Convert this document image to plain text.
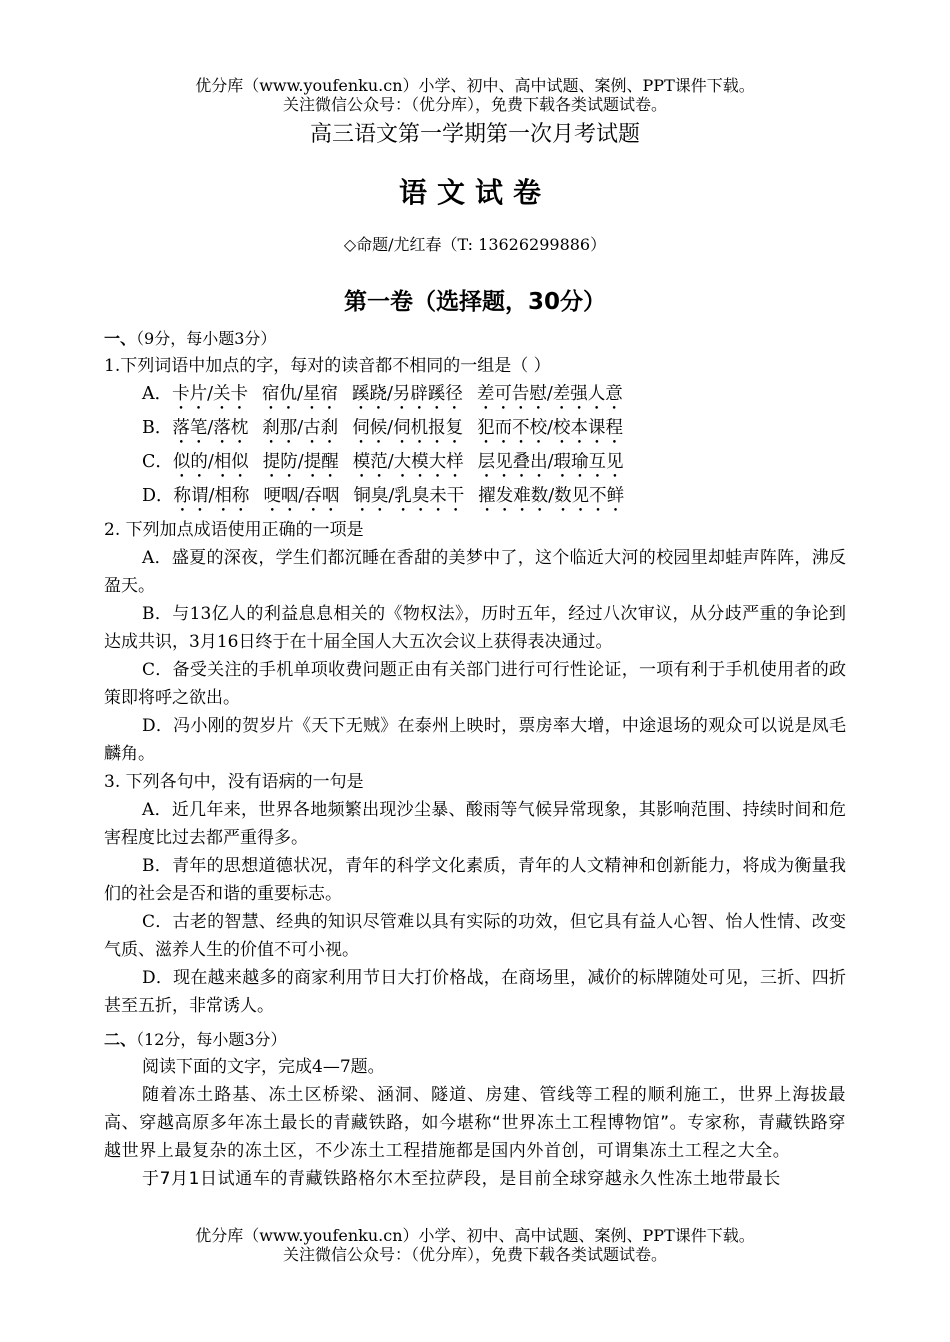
优分库（www.youfenku.cn）小学、初中、高中试题、案例、PPT课件下载。
关注微信公众号：（优分库），免费下载各类试题试卷。
高三语文第一学期第一次月考试题
语文试卷
◇命题/尤红春（T: 13626299886）
第一卷（选择题，30分）
一、（9分，每小题3分）
1.下列词语中加点的字，每对的读音都不相同的一组是（ ）
A．卡片/关卡 宿仇/星宿 蹊跷/另辟蹊径 差可告慰/差强人意
B．落笔/落枕 刹那/古刹 伺候/伺机报复 犯而不校/校本课程
C．似的/相似 提防/提醒 模范/大模大样 层见叠出/瑕瑜互见
D．称谓/相称 哽咽/吞咽 铜臭/乳臭未干 擢发难数/数见不鲜
2. 下列加点成语使用正确的一项是
A．盛夏的深夜，学生们都沉睡在香甜的美梦中了，这个临近大河的校园里却蛙声阵阵，沸反盈天。
B．与13亿人的利益息息相关的《物权法》，历时五年，经过八次审议，从分歧严重的争论到达成共识，3月16日终于在十届全国人大五次会议上获得表决通过。
C．备受关注的手机单项收费问题正由有关部门进行可行性论证，一项有利于手机使用者的政策即将呼之欲出。
D．冯小刚的贺岁片《天下无贼》在泰州上映时，票房率大增，中途退场的观众可以说是凤毛麟角。
3. 下列各句中，没有语病的一句是
A．近几年来，世界各地频繁出现沙尘暴、酸雨等气候异常现象，其影响范围、持续时间和危害程度比过去都严重得多。
B．青年的思想道德状况，青年的科学文化素质，青年的人文精神和创新能力，将成为衡量我们的社会是否和谐的重要标志。
C．古老的智慧、经典的知识尽管难以具有实际的功效，但它具有益人心智、怡人性情、改变气质、滋养人生的价值不可小视。
D．现在越来越多的商家利用节日大打价格战，在商场里，减价的标牌随处可见，三折、四折甚至五折，非常诱人。
二、（12分，每小题3分）
阅读下面的文字，完成4—7题。
随着冻土路基、冻土区桥梁、涵洞、隧道、房建、管线等工程的顺利施工，世界上海拔最高、穿越高原多年冻土最长的青藏铁路，如今堪称“世界冻土工程博物馆”。专家称，青藏铁路穿越世界上最复杂的冻土区，不少冻土工程措施都是国内外首创，可谓集冻土工程之大全。
于7月1日试通车的青藏铁路格尔木至拉萨段，是目前全球穿越永久性冻土地带最长
优分库（www.youfenku.cn）小学、初中、高中试题、案例、PPT课件下载。
关注微信公众号：（优分库），免费下载各类试题试卷。
